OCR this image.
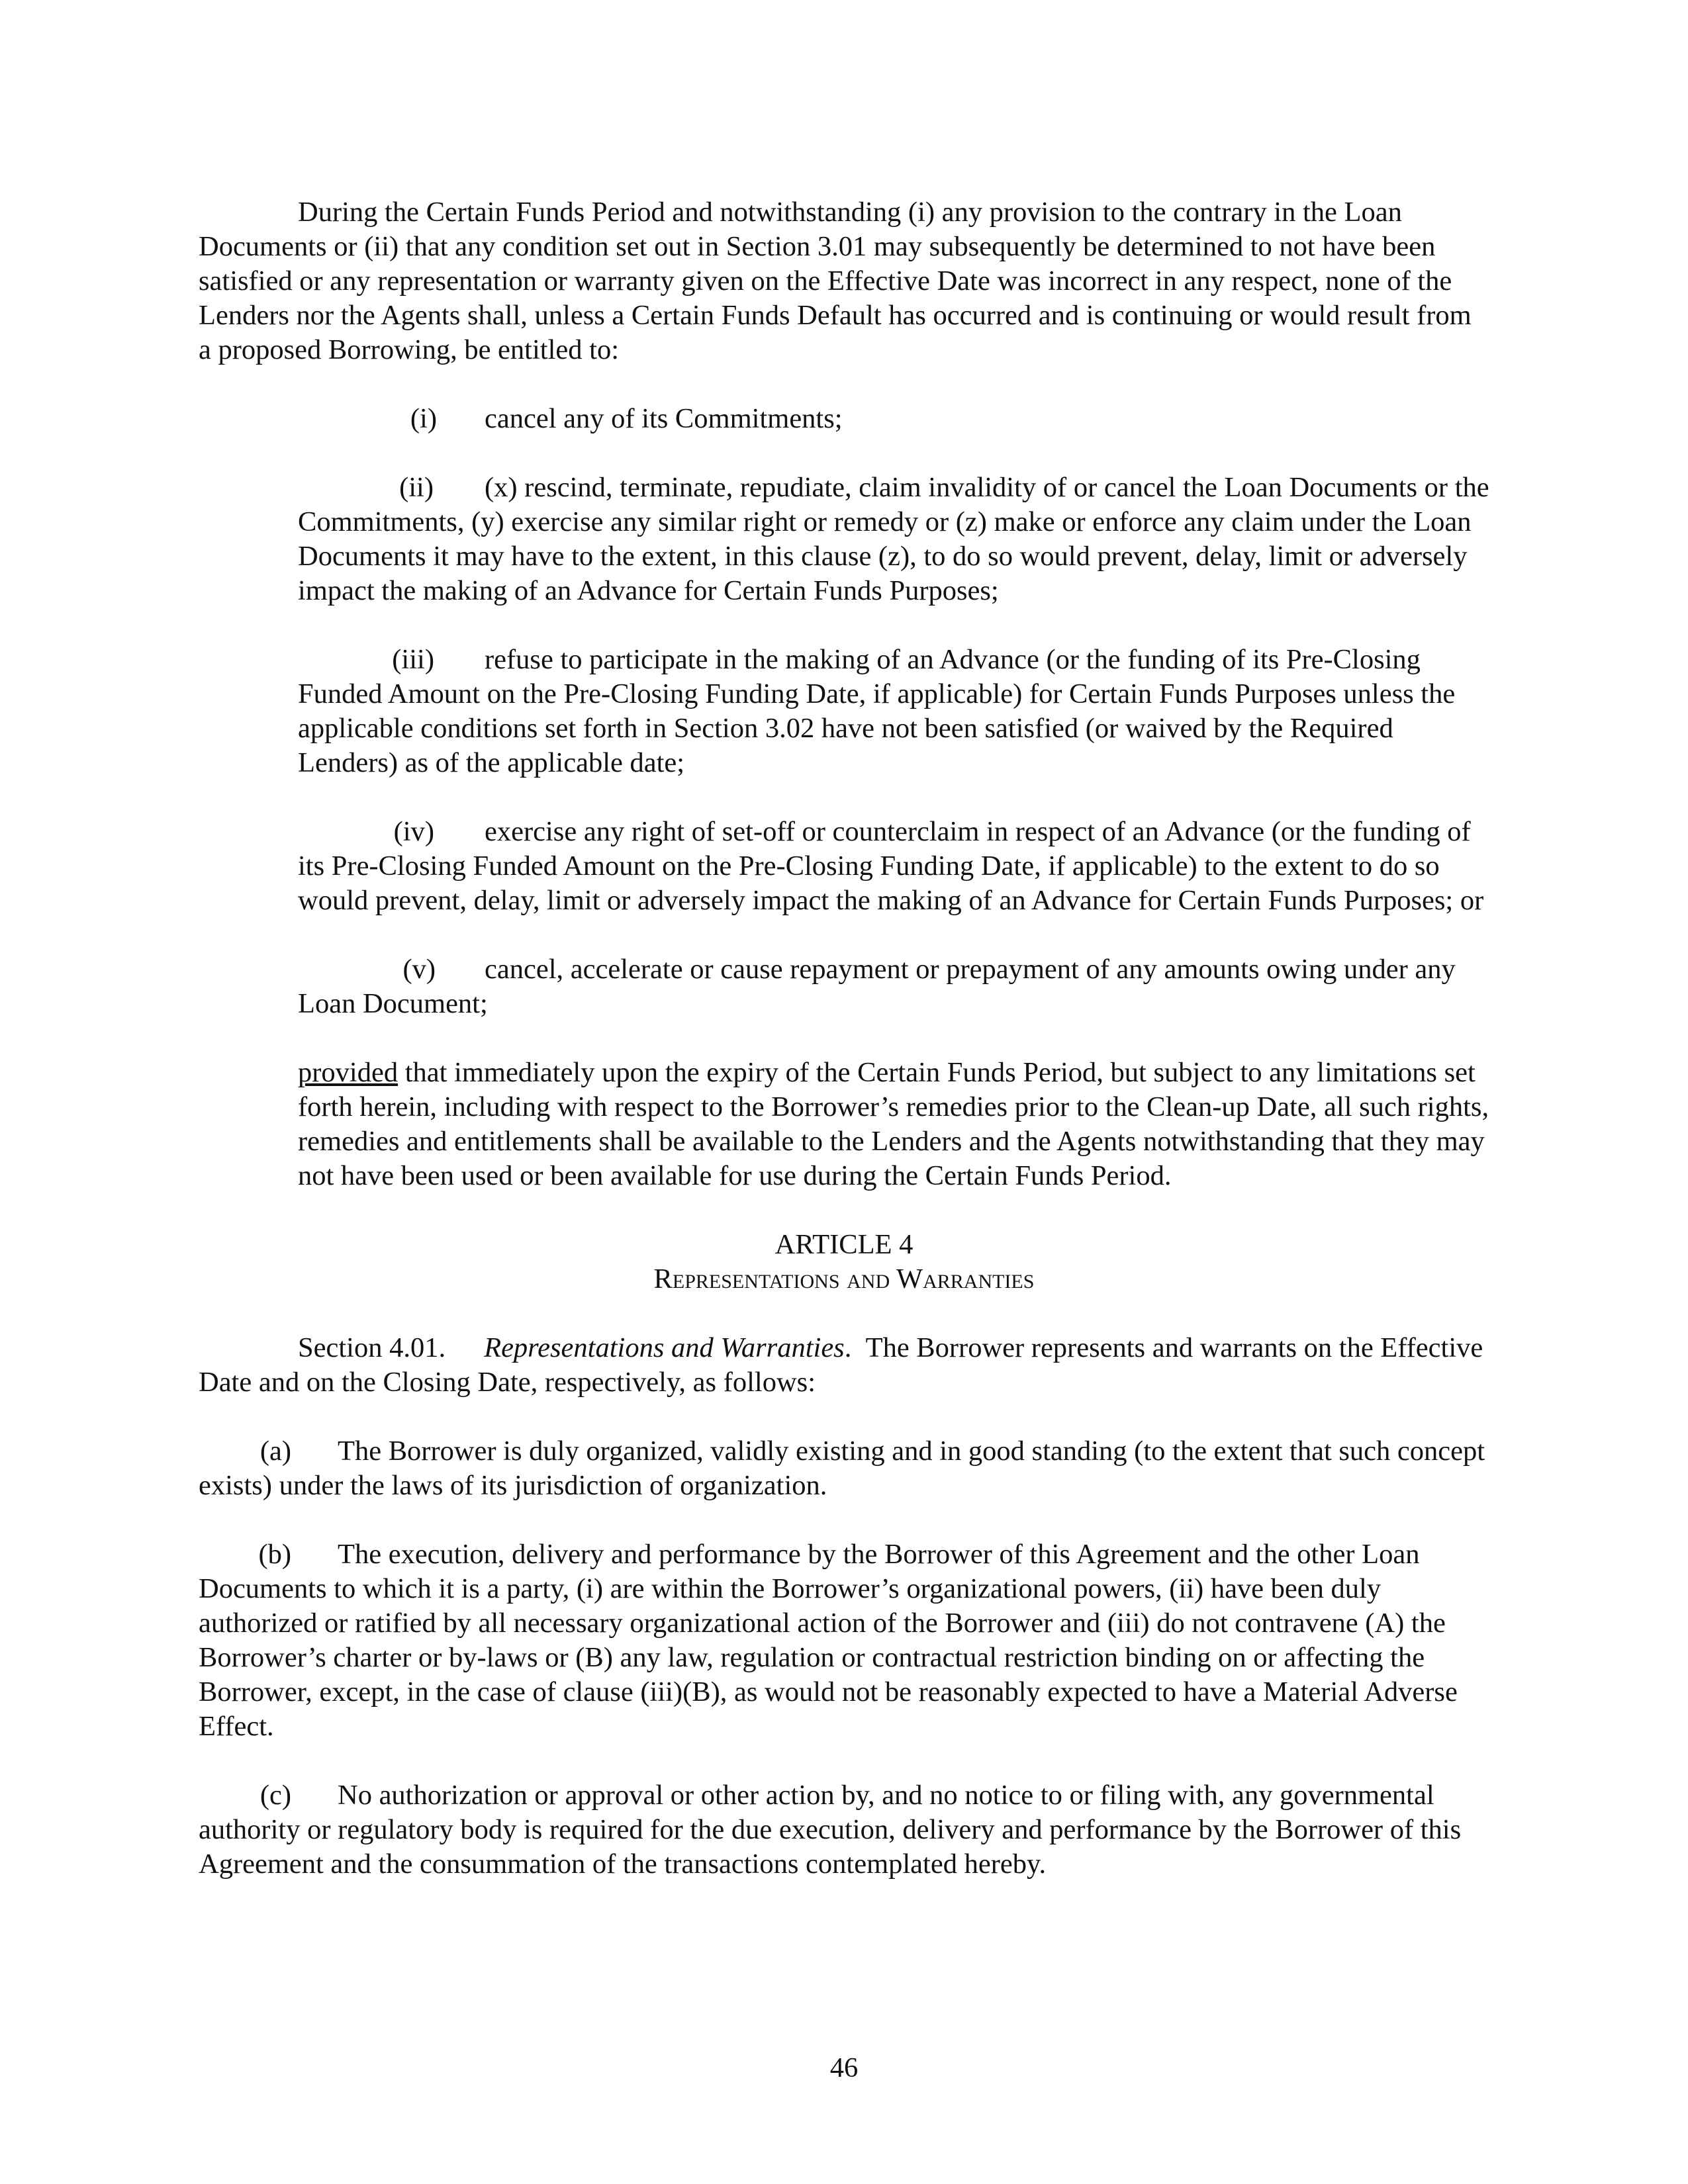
During the Certain Funds Period and notwithstanding (i) any provision to the contrary in the Loan Documents or (ii) that any condition set out in Section 3.01 may subsequently be determined to not have been satisfied or any representation or warranty given on the Effective Date was incorrect in any respect, none of the Lenders nor the Agents shall, unless a Certain Funds Default has occurred and is continuing or would result from a proposed Borrowing, be entitled to:

(i) cancel any of its Commitments;
(ii) (x) rescind, terminate, repudiate, claim invalidity of or cancel the Loan Documents or the Commitments, (y) exercise any similar right or remedy or (z) make or enforce any claim under the Loan Documents it may have to the extent, in this clause (z), to do so would prevent, delay, limit or adversely impact the making of an Advance for Certain Funds Purposes;
(iii) refuse to participate in the making of an Advance (or the funding of its Pre-Closing Funded Amount on the Pre-Closing Funding Date, if applicable) for Certain Funds Purposes unless the applicable conditions set forth in Section 3.02 have not been satisfied (or waived by the Required Lenders) as of the applicable date;
(iv) exercise any right of set-off or counterclaim in respect of an Advance (or the funding of its Pre-Closing Funded Amount on the Pre-Closing Funding Date, if applicable) to the extent to do so would prevent, delay, limit or adversely impact the making of an Advance for Certain Funds Purposes; or
(v) cancel, accelerate or cause repayment or prepayment of any amounts owing under any Loan Document;

provided that immediately upon the expiry of the Certain Funds Period, but subject to any limitations set forth herein, including with respect to the Borrower’s remedies prior to the Clean-up Date, all such rights, remedies and entitlements shall be available to the Lenders and the Agents notwithstanding that they may not have been used or been available for use during the Certain Funds Period.

ARTICLE 4

Representations and Warranties

Section 4.01. Representations and Warranties.  The Borrower represents and warrants on the Effective Date and on the Closing Date, respectively, as follows:

(a) The Borrower is duly organized, validly existing and in good standing (to the extent that such concept exists) under the laws of its jurisdiction of organization.

(b) The execution, delivery and performance by the Borrower of this Agreement and the other Loan Documents to which it is a party, (i) are within the Borrower’s organizational powers, (ii) have been duly authorized or ratified by all necessary organizational action of the Borrower and (iii) do not contravene (A) the Borrower’s charter or by-laws or (B) any law, regulation or contractual restriction binding on or affecting the Borrower, except, in the case of clause (iii)(B), as would not be reasonably expected to have a Material Adverse Effect.

(c) No authorization or approval or other action by, and no notice to or filing with, any governmental authority or regulatory body is required for the due execution, delivery and performance by the Borrower of this Agreement and the consummation of the transactions contemplated hereby.

46
